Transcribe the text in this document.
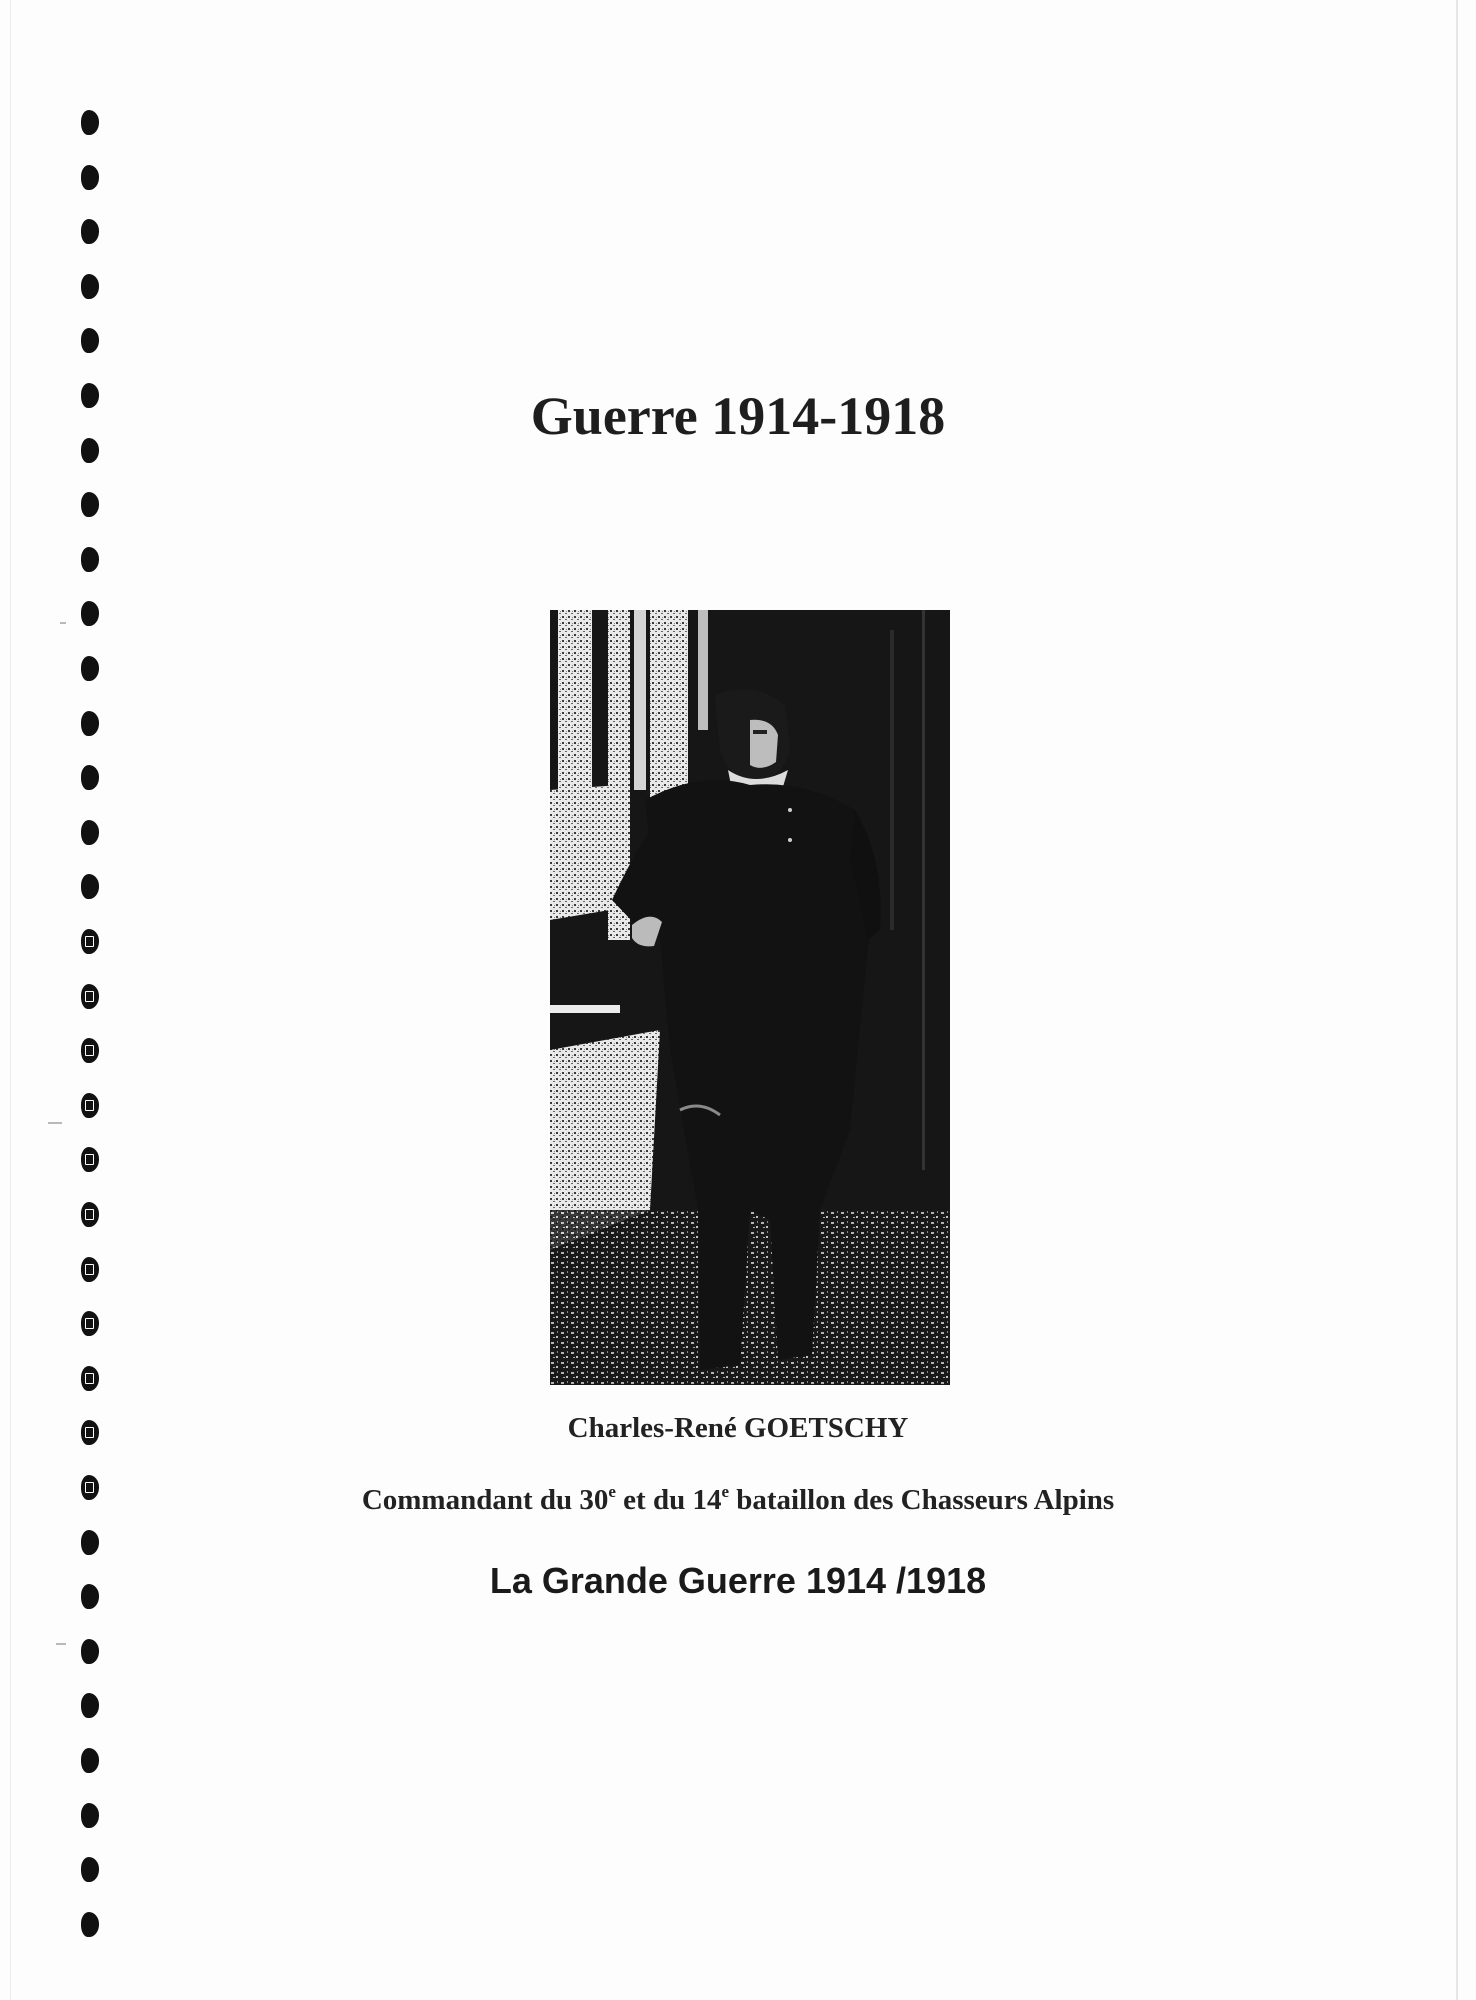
Guerre 1914-1918
Charles-René GOETSCHY
Commandant du 30e et du 14e bataillon des Chasseurs Alpins
La Grande Guerre 1914 /1918
